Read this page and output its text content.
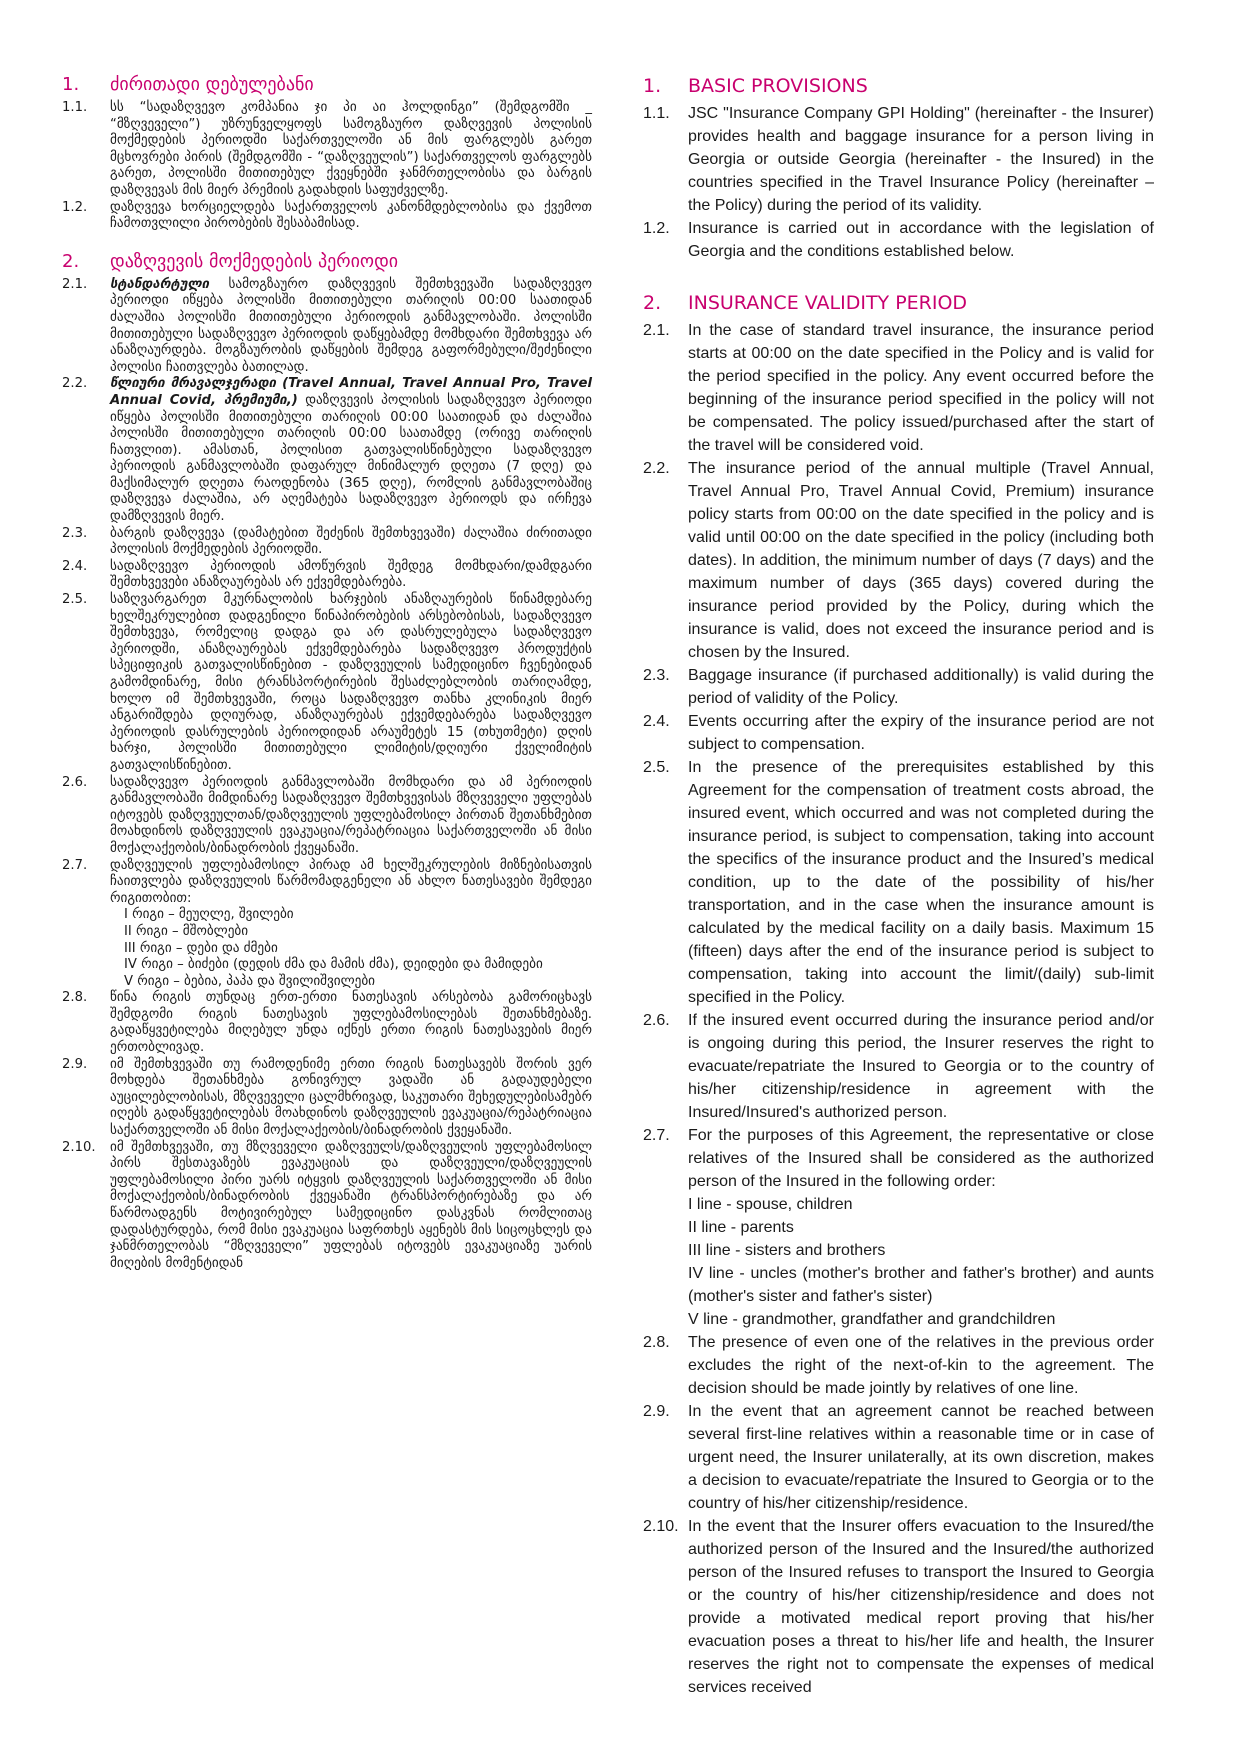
1.	ძირითადი დებულებანი
1.1.	სს “სადაზღვევო კომპანია ჯი პი აი ჰოლდინგი” (შემდგომში _ “მზღვეველი”) უზრუნველყოფს სამოგზაურო დაზღვევის პოლისის მოქმედების პერიოდში საქართველოში ან მის ფარგლებს გარეთ მცხოვრები პირის (შემდგომში - “დაზღვეულის”) საქართველოს ფარგლებს გარეთ, პოლისში მითითებულ ქვეყნებში ჯანმრთელობისა და ბარგის დაზღვევას მის მიერ პრემიის გადახდის საფუძველზე.
1.2.	დაზღვევა ხორციელდება საქართველოს კანონმდებლობისა და ქვემოთ ჩამოთვლილი პირობების შესაბამისად.
2.	დაზღვევის მოქმედების პერიოდი
2.1.	სტანდარტული სამოგზაურო დაზღვევის შემთხვევაში სადაზღვევო პერიოდი იწყება პოლისში მითითებული თარიღის 00:00 საათიდან ძალაშია პოლისში მითითებული პერიოდის განმავლობაში. პოლისში მითითებული სადაზღვევო პერიოდის დაწყებამდე მომხდარი შემთხვევა არ ანაზღაურდება. მოგზაურობის დაწყების შემდეგ გაფორმებული/შეძენილი პოლისი ჩაითვლება ბათილად.
2.2.	წლიური მრავალჯერადი (Travel Annual, Travel Annual Pro, Travel Annual Covid, პრემიუმი,) დაზღვევის პოლისის სადაზღვევო პერიოდი იწყება პოლისში მითითებული თარიღის 00:00 საათიდან და ძალაშია პოლისში მითითებული თარიღის 00:00 საათამდე (ორივე თარიღის ჩათვლით). ამასთან, პოლისით გათვალისწინებული სადაზღვევო პერიოდის განმავლობაში დაფარულ მინიმალურ დღეთა (7 დღე) და მაქსიმალურ დღეთა რაოდენობა (365 დღე), რომლის განმავლობაშიც დაზღვევა ძალაშია, არ აღემატება სადაზღვევო პერიოდს და ირჩევა დამზღვევის მიერ.
2.3.	ბარგის დაზღვევა (დამატებით შეძენის შემთხვევაში) ძალაშია ძირითადი პოლისის მოქმედების პერიოდში.
2.4.	სადაზღვევო პერიოდის ამოწურვის შემდეგ მომხდარი/დამდგარი შემთხვევები ანაზღაურებას არ ექვემდებარება.
2.5.	საზღვარგარეთ მკურნალობის ხარჯების ანაზღაურების წინამდებარე ხელშეკრულებით დადგენილი წინაპირობების არსებობისას, სადაზღვევო შემთხვევა, რომელიც დადგა და არ დასრულებულა სადაზღვევო პერიოდში, ანაზღაურებას ექვემდებარება სადაზღვევო პროდუქტის სპეციფიკის გათვალისწინებით - დაზღვეულის სამედიცინო ჩვენებიდან გამომდინარე, მისი ტრანსპორტირების შესაძლებლობის თარიღამდე, ხოლო იმ შემთხვევაში, როცა სადაზღვევო თანხა კლინიკის მიერ ანგარიშდება დღიურად, ანაზღაურებას ექვემდებარება სადაზღვევო პერიოდის დასრულების პერიოდიდან არაუმეტეს 15 (თხუთმეტი) დღის ხარჯი, პოლისში მითითებული ლიმიტის/დღიური ქველიმიტის გათვალისწინებით.
2.6.	სადაზღვევო პერიოდის განმავლობაში მომხდარი და ამ პერიოდის განმავლობაში მიმდინარე სადაზღვევო შემთხვევისას მზღვეველი უფლებას იტოვებს დაზღვეულთან/დაზღვეულის უფლებამოსილ პირთან შეთანხმებით მოახდინოს დაზღვეულის ევაკუაცია/რეპატრიაცია საქართველოში ან მისი მოქალაქეობის/ბინადრობის ქვეყანაში.
2.7.	დაზღვეულის უფლებამოსილ პირად ამ ხელშეკრულების მიზნებისათვის ჩაითვლება დაზღვეულის წარმომადგენელი ან ახლო ნათესავები შემდეგი რიგითობით:
I რიგი – მეუღლე, შვილები
II რიგი – მშობლები
III რიგი – დები და ძმები
IV რიგი – ბიძები (დედის ძმა და მამის ძმა), დეიდები და მამიდები
V რიგი – ბებია, პაპა და შვილიშვილები
2.8.	წინა რიგის თუნდაც ერთ-ერთი ნათესავის არსებობა გამორიცხავს შემდგომი რიგის ნათესავის უფლებამოსილებას შეთანხმებაზე. გადაწყვეტილება მიღებულ უნდა იქნეს ერთი რიგის ნათესავების მიერ ერთობლივად.
2.9.	იმ შემთხვევაში თუ რამოდენიმე ერთი რიგის ნათესავებს შორის ვერ მოხდება შეთანხმება გონივრულ ვადაში ან გადაუდებელი აუცილებლობისას, მზღვეველი ცალმხრივად, საკუთარი შეხედულებისამებრ იღებს გადაწყვეტილებას მოახდინოს დაზღვეულის ევაკუაცია/რეპატრიაცია საქართველოში ან მისი მოქალაქეობის/ბინადრობის ქვეყანაში.
2.10.	იმ შემთხვევაში, თუ მზღვეველი დაზღვეულს/დაზღვეულის უფლებამოსილ პირს შესთავაზებს ევაკუაციას და დაზღვეული/დაზღვეულის უფლებამოსილი პირი უარს იტყვის დაზღვეულის საქართველოში ან მისი მოქალაქეობის/ბინადრობის ქვეყანაში ტრანსპორტირებაზე და არ წარმოადგენს მოტივირებულ სამედიცინო დასკვნას რომლითაც დადასტურდება, რომ მისი ევაკუაცია საფრთხეს აყენებს მის სიცოცხლეს და ჯანმრთელობას “მზღვეველი” უფლებას იტოვებს ევაკუაციაზე უარის მიღების მომენტიდან
1.	BASIC PROVISIONS
1.1.	JSC "Insurance Company GPI Holding" (hereinafter - the Insurer) provides health and baggage insurance for a person living in Georgia or outside Georgia (hereinafter - the Insured) in the countries specified in the Travel Insurance Policy (hereinafter – the Policy) during the period of its validity.
1.2.	Insurance is carried out in accordance with the legislation of Georgia and the conditions established below.
2.	INSURANCE VALIDITY PERIOD
2.1.	In the case of standard travel insurance, the insurance period starts at 00:00 on the date specified in the Policy and is valid for the period specified in the policy. Any event occurred before the beginning of the insurance period specified in the policy will not be compensated. The policy issued/purchased after the start of the travel will be considered void.
2.2.	The insurance period of the annual multiple (Travel Annual, Travel Annual Pro, Travel Annual Covid, Premium) insurance policy starts from 00:00 on the date specified in the policy and is valid until 00:00 on the date specified in the policy (including both dates). In addition, the minimum number of days (7 days) and the maximum number of days (365 days) covered during the insurance period provided by the Policy, during which the insurance is valid, does not exceed the insurance period and is chosen by the Insured.
2.3.	Baggage insurance (if purchased additionally) is valid during the period of validity of the Policy.
2.4.	Events occurring after the expiry of the insurance period are not subject to compensation.
2.5.	In the presence of the prerequisites established by this Agreement for the compensation of treatment costs abroad, the insured event, which occurred and was not completed during the insurance period, is subject to compensation, taking into account the specifics of the insurance product and the Insured’s medical condition, up to the date of the possibility of his/her transportation, and in the case when the insurance amount is calculated by the medical facility on a daily basis. Maximum 15 (fifteen) days after the end of the insurance period is subject to compensation, taking into account the limit/(daily) sub-limit specified in the Policy.
2.6.	If the insured event occurred during the insurance period and/or is ongoing during this period, the Insurer reserves the right to evacuate/repatriate the Insured to Georgia or to the country of his/her citizenship/residence in agreement with the Insured/Insured's authorized person.
2.7.	For the purposes of this Agreement, the representative or close relatives of the Insured shall be considered as the authorized person of the Insured in the following order:
I line - spouse, children
II line - parents
III line - sisters and brothers
IV line - uncles (mother's brother and father's brother) and aunts (mother's sister and father's sister)
V line - grandmother, grandfather and grandchildren
2.8.	The presence of even one of the relatives in the previous order excludes the right of the next-of-kin to the agreement. The decision should be made jointly by relatives of one line.
2.9.	In the event that an agreement cannot be reached between several first-line relatives within a reasonable time or in case of urgent need, the Insurer unilaterally, at its own discretion, makes a decision to evacuate/repatriate the Insured to Georgia or to the country of his/her citizenship/residence.
2.10. In the event that the Insurer offers evacuation to the Insured/the authorized person of the Insured and the Insured/the authorized person of the Insured refuses to transport the Insured to Georgia or the country of his/her citizenship/residence and does not provide a motivated medical report proving that his/her evacuation poses a threat to his/her life and health, the Insurer reserves the right not to compensate the expenses of medical services received
